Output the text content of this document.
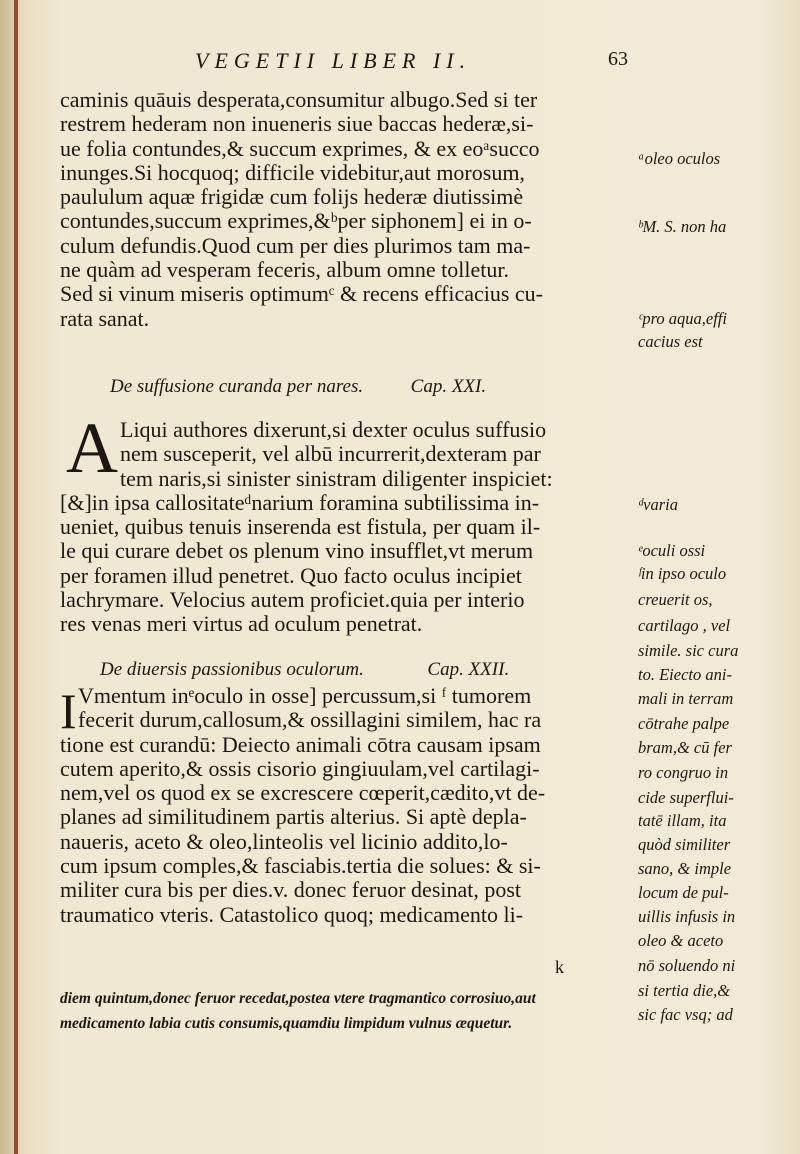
VEGETII LIBER II.	63
caminis quāuis desperata,consumitur albugo.Sed si ter
restrem hederam non inueneris siue baccas hederæ,si-
ue folia contundes,& succum exprimes, & ex eoᵃsucco
inunges.Si hocquoq; difficile videbitur,aut morosum,
paululum aquæ frigidæ cum folijs hederæ diutissimè
contundes,succum exprimes,&ᵇper siphonem] ei in o-
culum defundis.Quod cum per dies plurimos tam ma-
ne quàm ad vesperam feceris, album omne tolletur.
Sed si vinum miseris optimumᶜ & recens efficacius cu-
rata sanat.
De suffusione curanda per nares.	Cap. XXI.
A Liqui authores dixerunt,si dexter oculus suffusio
nem susceperit, vel albū incurrerit,dexteram par
tem naris,si sinister sinistram diligenter inspiciet:
[&]in ipsa callositateᵈnarium foramina subtilissima in-
ueniet, quibus tenuis inserenda est fistula, per quam il-
le qui curare debet os plenum vino insufflet,vt merum
per foramen illud penetret. Quo facto oculus incipiet
lachrymare. Velocius autem proficiet.quia per interio
res venas meri virtus ad oculum penetrat.
De diuersis passionibus oculorum.	Cap. XXII.
I Vmentum inᵉoculo in osse] percussum,si ᶠ tumorem
fecerit durum,callosum,& ossillagini similem, hac ra
tione est curandū: Deiecto animali cōtra causam ipsam
cutem aperito,& ossis cisorio gingiuulam,vel cartilagi-
nem,vel os quod ex se excrescere cœperit,cædito,vt de-
planes ad similitudinem partis alterius. Si aptè depla-
naueris, aceto & oleo,linteolis vel licinio addito,lo-
cum ipsum comples,& fasciabis.tertia die solues: & si-
militer cura bis per dies.v. donec feruor desinat, post
traumatico vteris. Catastolico quoq; medicamento li-
k
diem quintum,donec feruor recedat,postea vtere tragmantico corrosiuo,aut
medicamento labia cutis consumis,quamdiu limpidum vulnus æquetur.
ᵃoleo oculos
ᵇM. S. non ha
ᶜpro aqua,effi
cacius est
ᵈvaria
ᵉoculi ossi
ᶠin ipso oculo
creuerit os,
cartilago , vel
simile. sic cura
to. Eiecto ani-
mali in terram
cōtrahe palpe
bram,& cū fer
ro congruo in
cide superflui-
tatē illam, ita
quòd similiter
sano, & imple
locum de pul-
uillis infusis in
oleo & aceto
nō soluendo ni
si tertia die,&
sic fac vsq; ad
